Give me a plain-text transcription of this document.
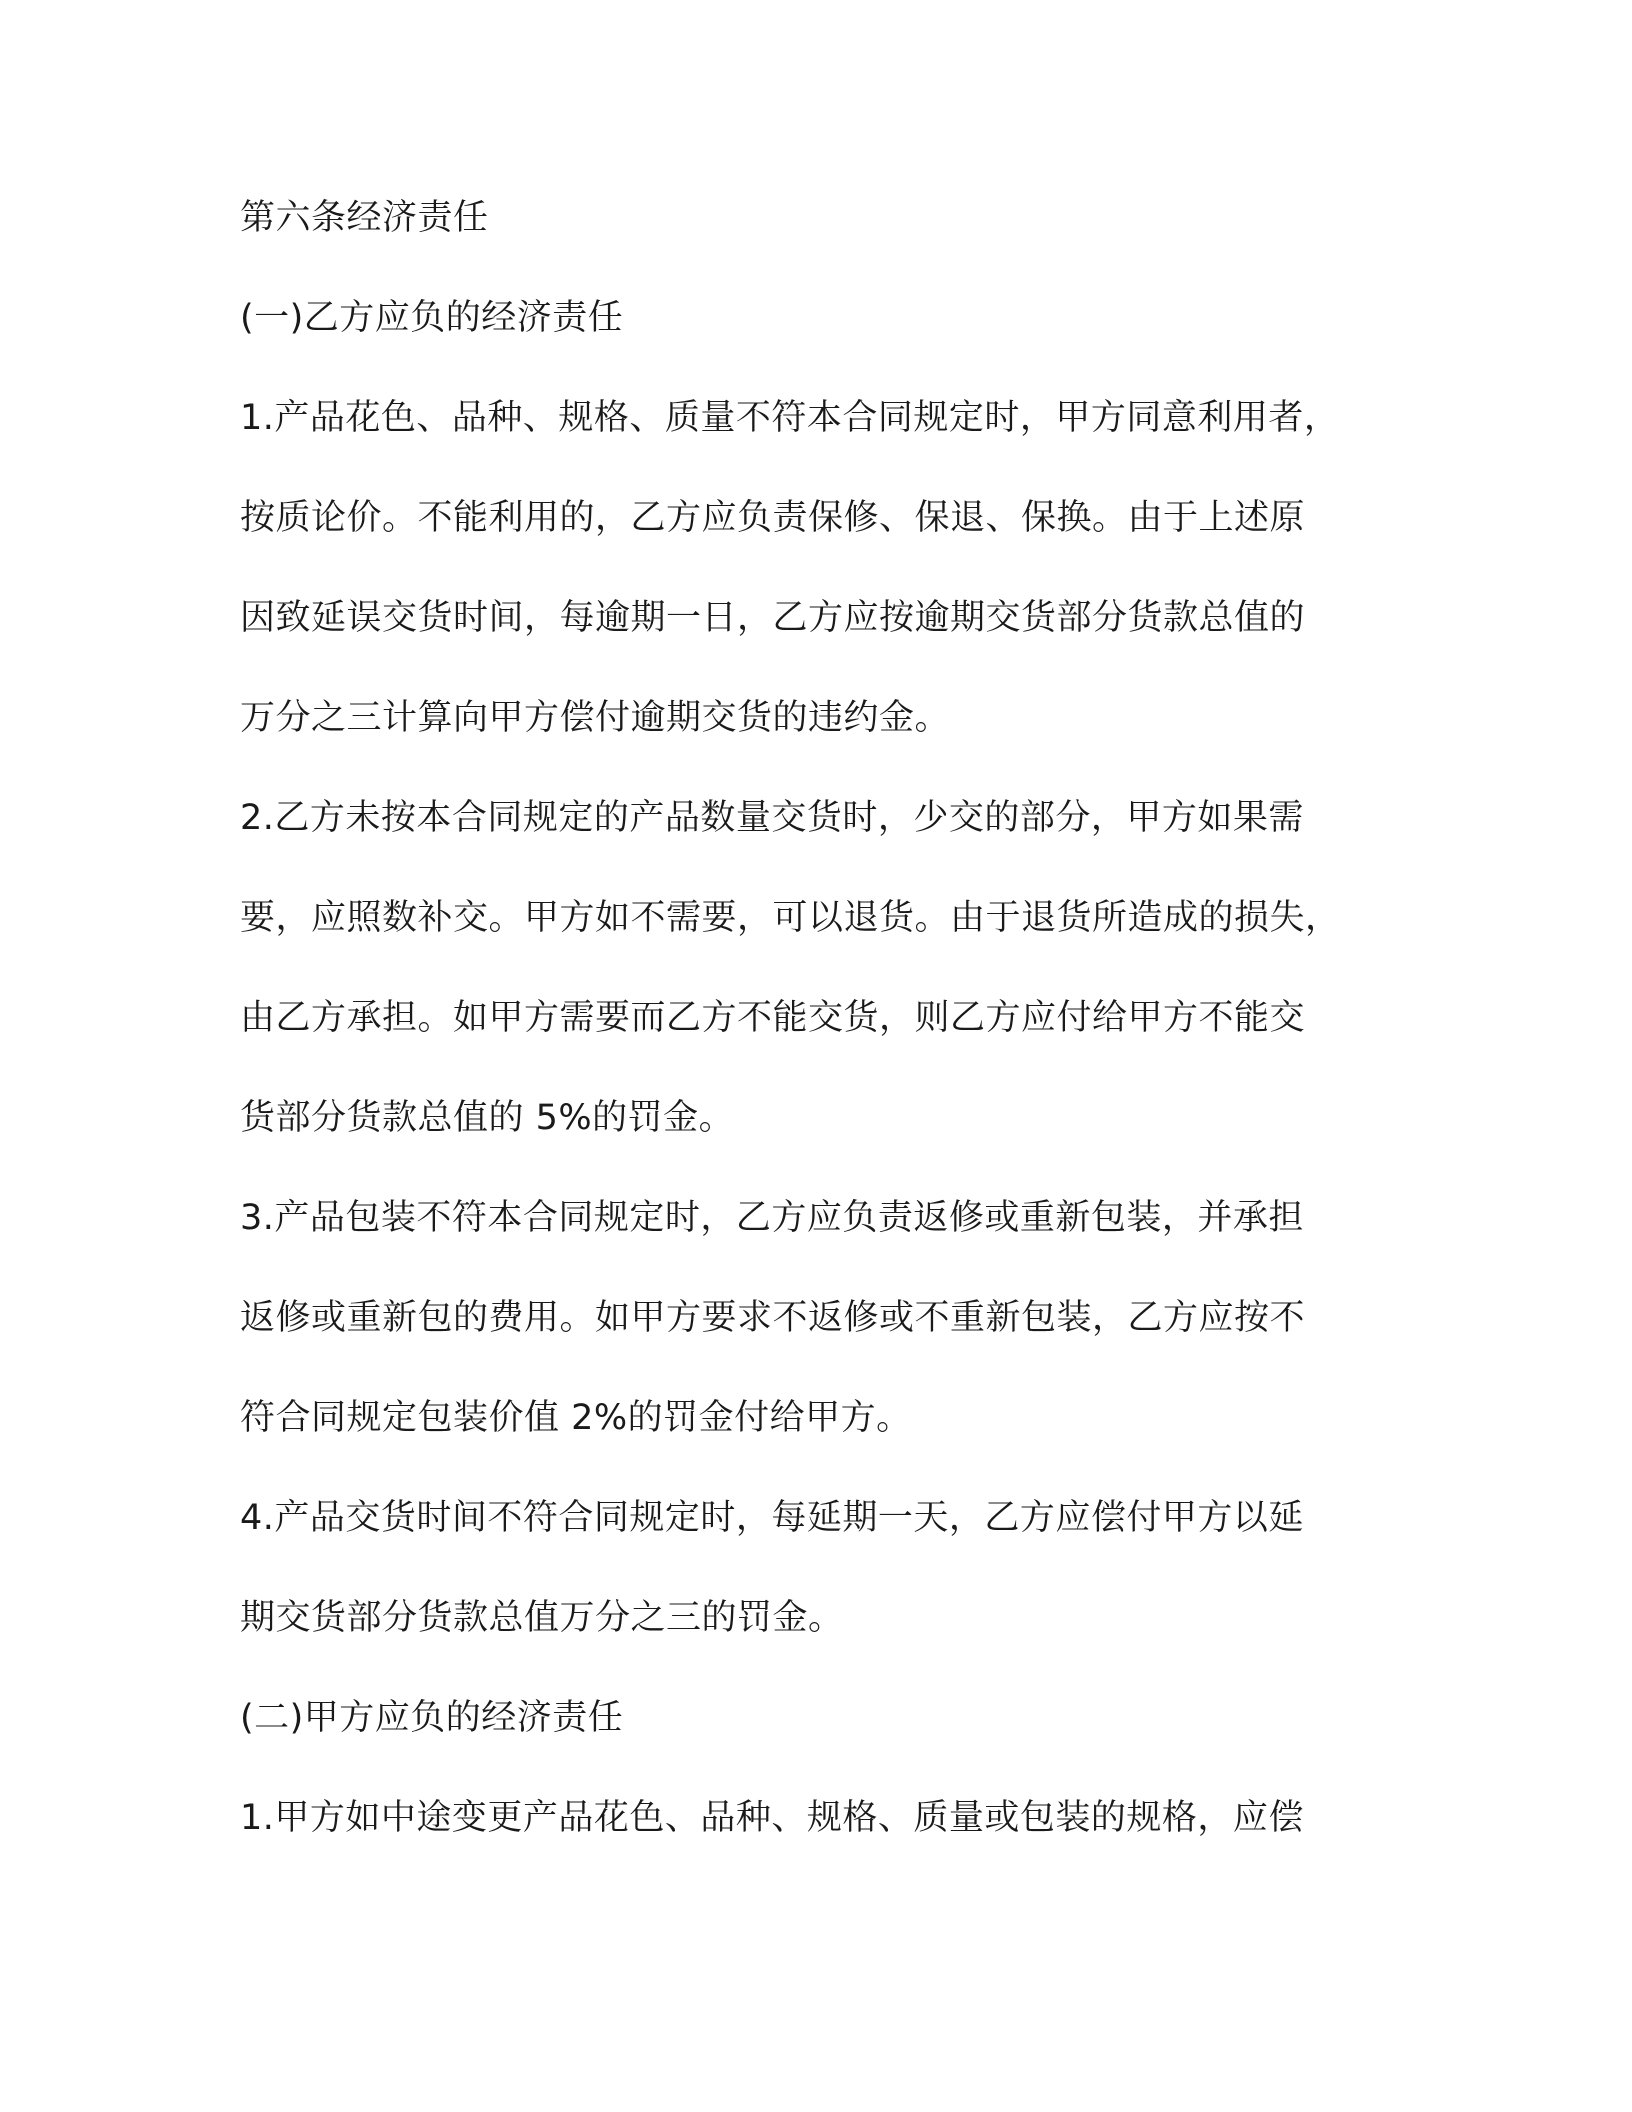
第六条经济责任

(一)乙方应负的经济责任

1.产品花色、品种、规格、质量不符本合同规定时，甲方同意利用者，

按质论价。不能利用的，乙方应负责保修、保退、保换。由于上述原

因致延误交货时间，每逾期一日，乙方应按逾期交货部分货款总值的

万分之三计算向甲方偿付逾期交货的违约金。

2.乙方未按本合同规定的产品数量交货时，少交的部分，甲方如果需

要，应照数补交。甲方如不需要，可以退货。由于退货所造成的损失，

由乙方承担。如甲方需要而乙方不能交货，则乙方应付给甲方不能交

货部分货款总值的 5%的罚金。

3.产品包装不符本合同规定时，乙方应负责返修或重新包装，并承担

返修或重新包的费用。如甲方要求不返修或不重新包装，乙方应按不

符合同规定包装价值 2%的罚金付给甲方。

4.产品交货时间不符合同规定时，每延期一天，乙方应偿付甲方以延

期交货部分货款总值万分之三的罚金。

(二)甲方应负的经济责任

1.甲方如中途变更产品花色、品种、规格、质量或包装的规格，应偿
